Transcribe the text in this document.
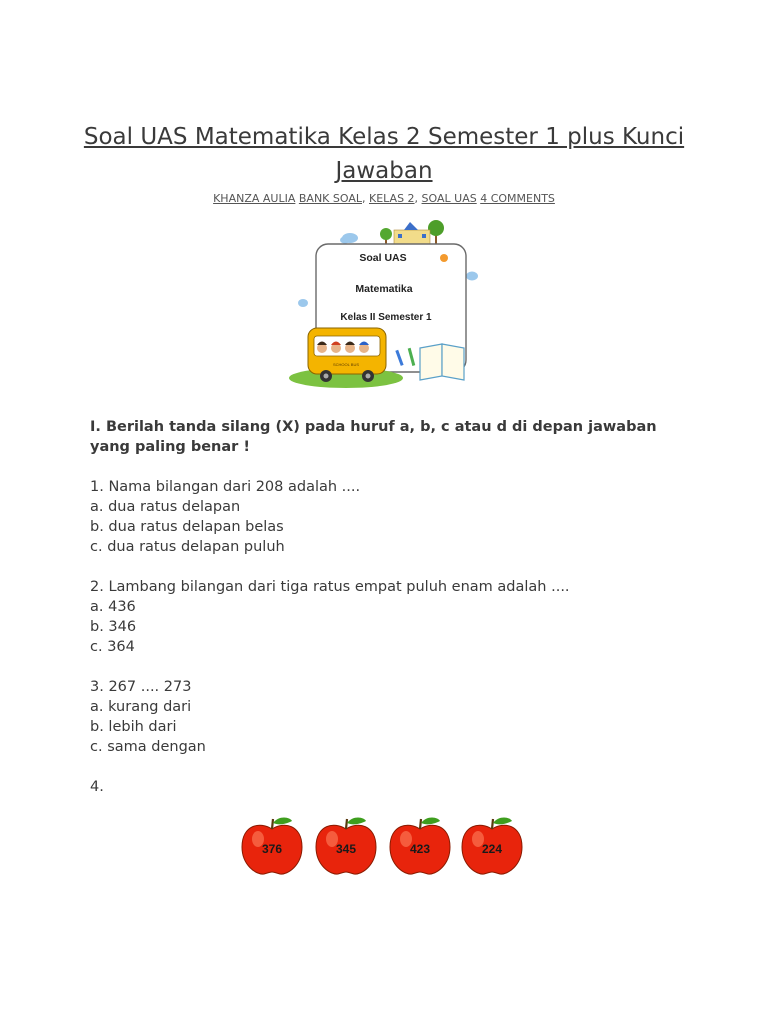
Soal UAS Matematika Kelas 2 Semester 1 plus Kunci Jawaban
KHANZA AULIA BANK SOAL, KELAS 2, SOAL UAS 4 COMMENTS
Soal UAS
Matematika
Kelas II Semester 1
SCHOOL BUS

I. Berilah tanda silang (X) pada huruf a, b, c atau d di depan jawaban yang paling benar !

1. Nama bilangan dari 208 adalah ....
a. dua ratus delapan
b. dua ratus delapan belas
c. dua ratus delapan puluh
2. Lambang bilangan dari tiga ratus empat puluh enam adalah ....
a. 436
b. 346
c. 364
3. 267 .... 273
a. kurang dari
b. lebih dari
c. sama dengan
4.
376	345	423	224
